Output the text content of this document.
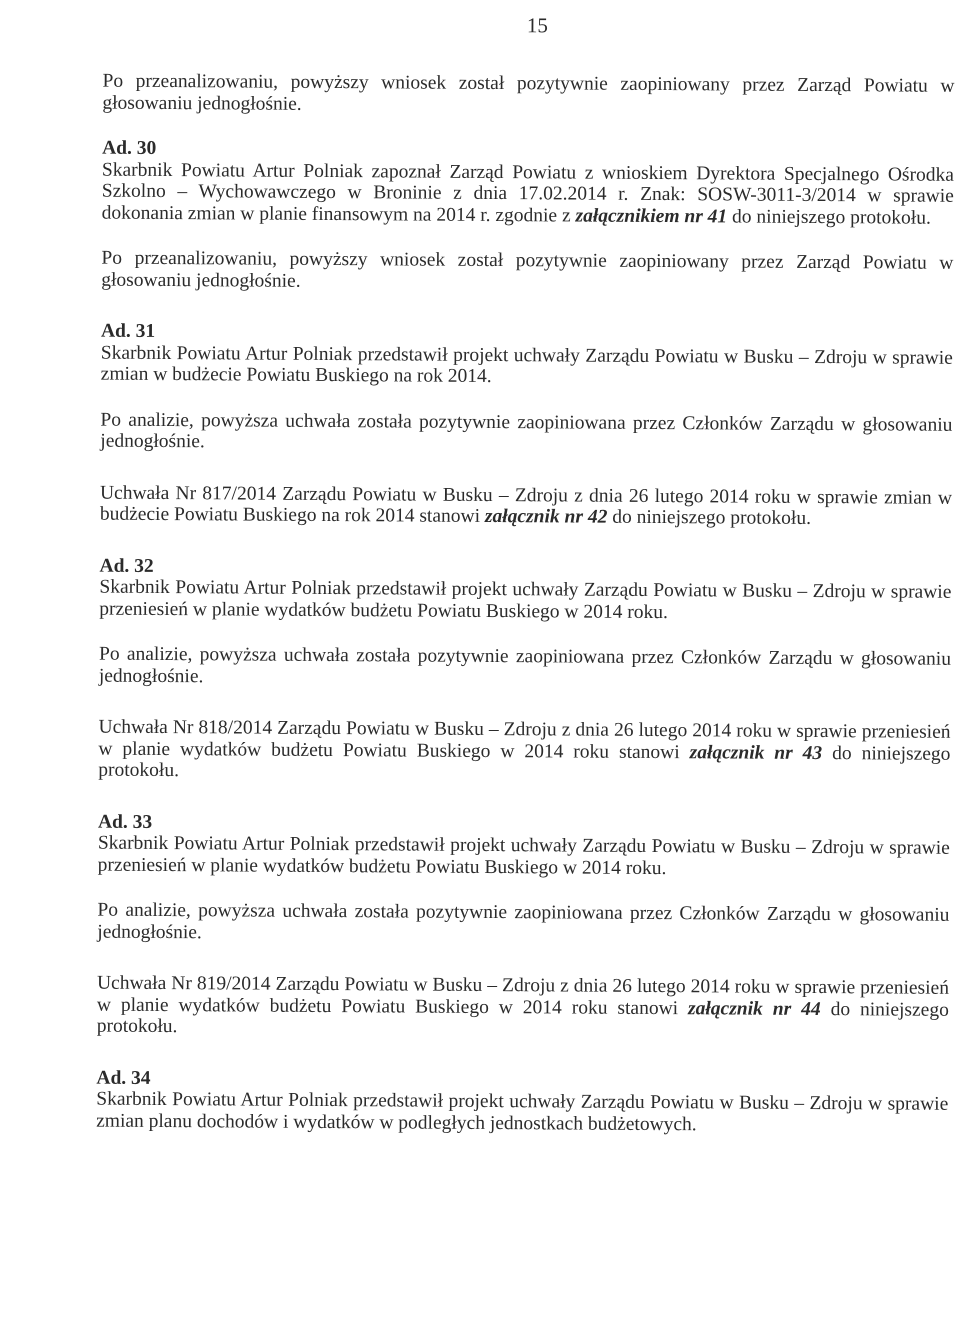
15

Po przeanalizowaniu, powyższy wniosek został pozytywnie zaopiniowany przez Zarząd Powiatu w głosowaniu jednogłośnie.

Ad. 30

Skarbnik Powiatu Artur Polniak zapoznał Zarząd Powiatu z wnioskiem Dyrektora Specjalnego Ośrodka Szkolno – Wychowawczego w Broninie z dnia 17.02.2014 r. Znak: SOSW-3011-3/2014 w sprawie dokonania zmian w planie finansowym na 2014 r. zgodnie z załącznikiem nr 41 do niniejszego protokołu.

Po przeanalizowaniu, powyższy wniosek został pozytywnie zaopiniowany przez Zarząd Powiatu w głosowaniu jednogłośnie.

Ad. 31

Skarbnik Powiatu Artur Polniak przedstawił projekt uchwały Zarządu Powiatu w Busku – Zdroju w sprawie zmian w budżecie Powiatu Buskiego na rok 2014.

Po analizie, powyższa uchwała została pozytywnie zaopiniowana przez Członków Zarządu w głosowaniu jednogłośnie.

Uchwała Nr 817/2014 Zarządu Powiatu w Busku – Zdroju z dnia 26 lutego 2014 roku w sprawie zmian w budżecie Powiatu Buskiego na rok 2014 stanowi załącznik nr 42 do niniejszego protokołu.

Ad. 32

Skarbnik Powiatu Artur Polniak przedstawił projekt uchwały Zarządu Powiatu w Busku – Zdroju w sprawie przeniesień w planie wydatków budżetu Powiatu Buskiego w 2014 roku.

Po analizie, powyższa uchwała została pozytywnie zaopiniowana przez Członków Zarządu w głosowaniu jednogłośnie.

Uchwała Nr 818/2014 Zarządu Powiatu w Busku – Zdroju z dnia 26 lutego 2014 roku w sprawie przeniesień w planie wydatków budżetu Powiatu Buskiego w 2014 roku stanowi załącznik nr 43 do niniejszego protokołu.

Ad. 33

Skarbnik Powiatu Artur Polniak przedstawił projekt uchwały Zarządu Powiatu w Busku – Zdroju w sprawie przeniesień w planie wydatków budżetu Powiatu Buskiego w 2014 roku.

Po analizie, powyższa uchwała została pozytywnie zaopiniowana przez Członków Zarządu w głosowaniu jednogłośnie.

Uchwała Nr 819/2014 Zarządu Powiatu w Busku – Zdroju z dnia 26 lutego 2014 roku w sprawie przeniesień w planie wydatków budżetu Powiatu Buskiego w 2014 roku stanowi załącznik nr 44 do niniejszego protokołu.

Ad. 34

Skarbnik Powiatu Artur Polniak przedstawił projekt uchwały Zarządu Powiatu w Busku – Zdroju w sprawie zmian planu dochodów i wydatków w podległych jednostkach budżetowych.
